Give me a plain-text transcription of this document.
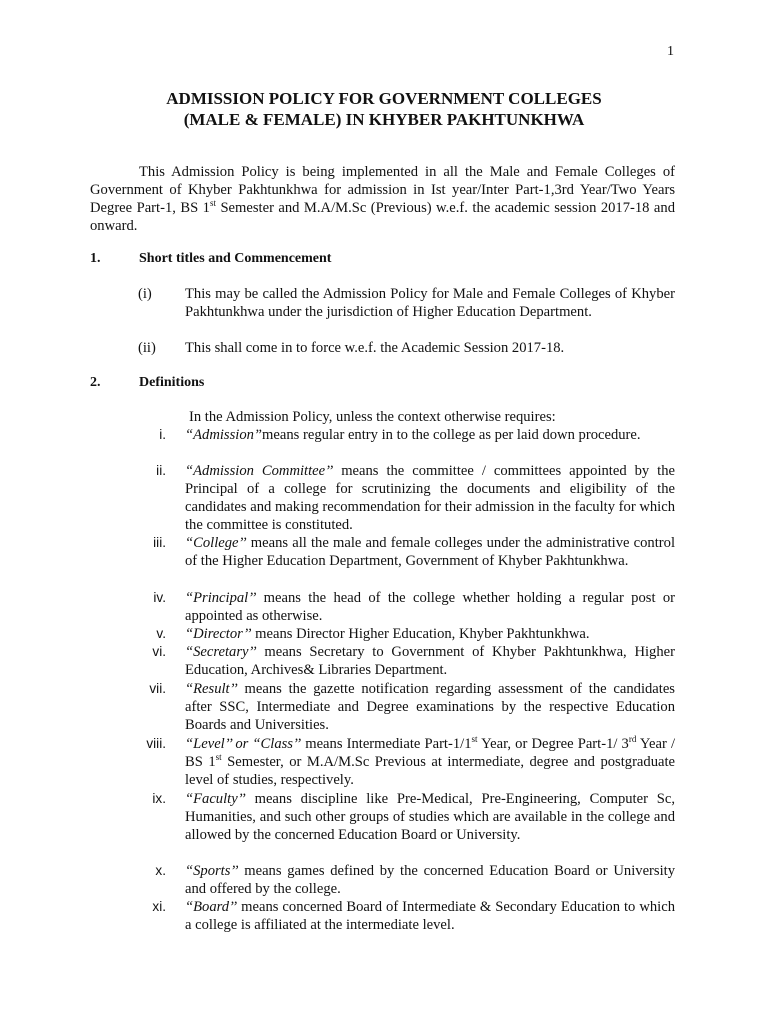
1
ADMISSION POLICY FOR GOVERNMENT COLLEGES
(MALE & FEMALE) IN KHYBER PAKHTUNKHWA
This Admission Policy is being implemented in all the Male and Female Colleges of Government of Khyber Pakhtunkhwa for admission in Ist year/Inter Part-1,3rd Year/Two Years Degree Part-1, BS 1st Semester and M.A/M.Sc (Previous) w.e.f. the academic session 2017-18 and onward.
1.	Short titles and Commencement
(i) This may be called the Admission Policy for Male and Female Colleges of Khyber Pakhtunkhwa under the jurisdiction of Higher Education Department.
(ii) This shall come in to force w.e.f. the Academic Session 2017-18.
2.	Definitions
In the Admission Policy, unless the context otherwise requires:
i. “Admission”means regular entry in to the college as per laid down procedure.
ii. “Admission Committee’’ means the committee / committees appointed by the Principal of a college for scrutinizing the documents and eligibility of the candidates and making recommendation for their admission in the faculty for which the committee is constituted.
iii. “College’’ means all the male and female colleges under the administrative control of the Higher Education Department, Government of Khyber Pakhtunkhwa.
iv. “Principal’’ means the head of the college whether holding a regular post or appointed as otherwise.
v. “Director’’ means Director Higher Education, Khyber Pakhtunkhwa.
vi. “Secretary’’ means Secretary to Government of Khyber Pakhtunkhwa, Higher Education, Archives& Libraries Department.
vii. “Result’’ means the gazette notification regarding assessment of the candidates after SSC, Intermediate and Degree examinations by the respective Education Boards and Universities.
viii. “Level’’ or “Class’’ means Intermediate Part-1/1st Year, or Degree Part-1/ 3rd Year / BS 1st Semester, or M.A/M.Sc Previous at intermediate, degree and postgraduate level of studies, respectively.
ix. “Faculty’’ means discipline like Pre-Medical, Pre-Engineering, Computer Sc, Humanities, and such other groups of studies which are available in the college and allowed by the concerned Education Board or University.
x. “Sports’’ means games defined by the concerned Education Board or University and offered by the college.
xi. “Board’’ means concerned Board of Intermediate & Secondary Education to which a college is affiliated at the intermediate level.
